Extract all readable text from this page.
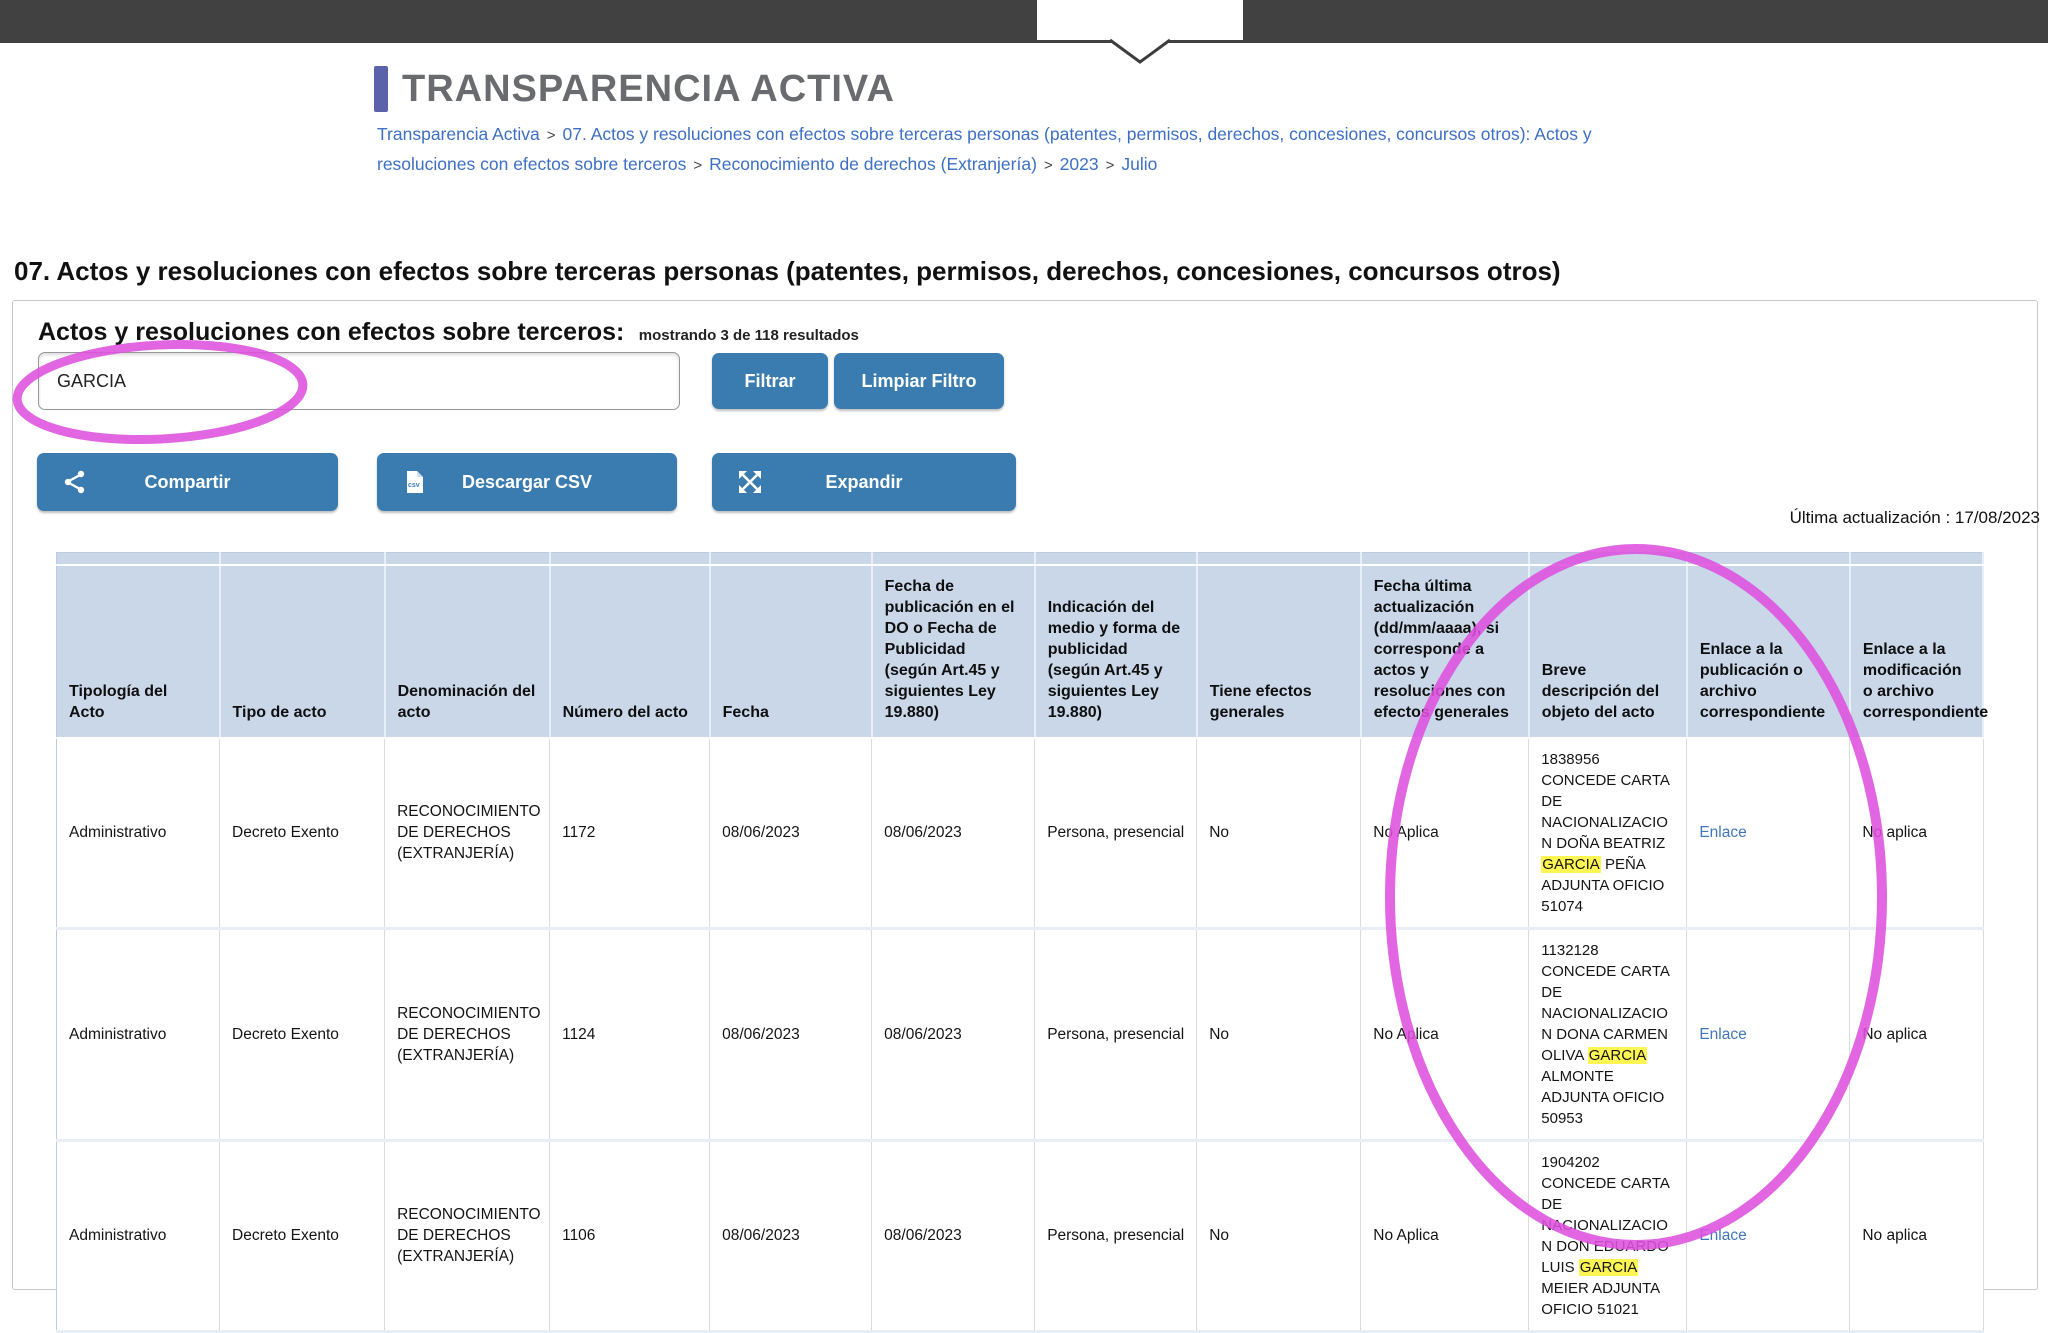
TRANSPARENCIA ACTIVA
Transparencia Activa > 07. Actos y resoluciones con efectos sobre terceras personas (patentes, permisos, derechos, concesiones, concursos otros): Actos y resoluciones con efectos sobre terceros > Reconocimiento de derechos (Extranjería) > 2023 > Julio
07. Actos y resoluciones con efectos sobre terceras personas (patentes, permisos, derechos, concesiones, concursos otros)
Actos y resoluciones con efectos sobre terceros: mostrando 3 de 118 resultados
GARCIA
Filtrar	Limpiar Filtro
Compartir	csv Descargar CSV	Expandir
Última actualización : 17/08/2023

Tipología del Acto	Tipo de acto	Denominación del acto	Número del acto	Fecha	Fecha de publicación en el DO o Fecha de Publicidad (según Art.45 y siguientes Ley 19.880)	Indicación del medio y forma de publicidad (según Art.45 y siguientes Ley 19.880)	Tiene efectos generales	Fecha última actualización (dd/mm/aaaa), si corresponde a actos y resoluciones con efectos generales	Breve descripción del objeto del acto	Enlace a la publicación o archivo correspondiente	Enlace a la modificación o archivo correspondiente
Administrativo	Decreto Exento	RECONOCIMIENTO DE DERECHOS (EXTRANJERÍA)	1172	08/06/2023	08/06/2023	Persona, presencial	No	No Aplica	1838956 CONCEDE CARTA DE NACIONALIZACION DOÑA BEATRIZ GARCIA PEÑA ADJUNTA OFICIO 51074	Enlace	No aplica
Administrativo	Decreto Exento	RECONOCIMIENTO DE DERECHOS (EXTRANJERÍA)	1124	08/06/2023	08/06/2023	Persona, presencial	No	No Aplica	1132128 CONCEDE CARTA DE NACIONALIZACION DONA CARMEN OLIVA GARCIA ALMONTE ADJUNTA OFICIO 50953	Enlace	No aplica
Administrativo	Decreto Exento	RECONOCIMIENTO DE DERECHOS (EXTRANJERÍA)	1106	08/06/2023	08/06/2023	Persona, presencial	No	No Aplica	1904202 CONCEDE CARTA DE NACIONALIZACION DON EDUARDO LUIS GARCIA MEIER ADJUNTA OFICIO 51021	Enlace	No aplica
